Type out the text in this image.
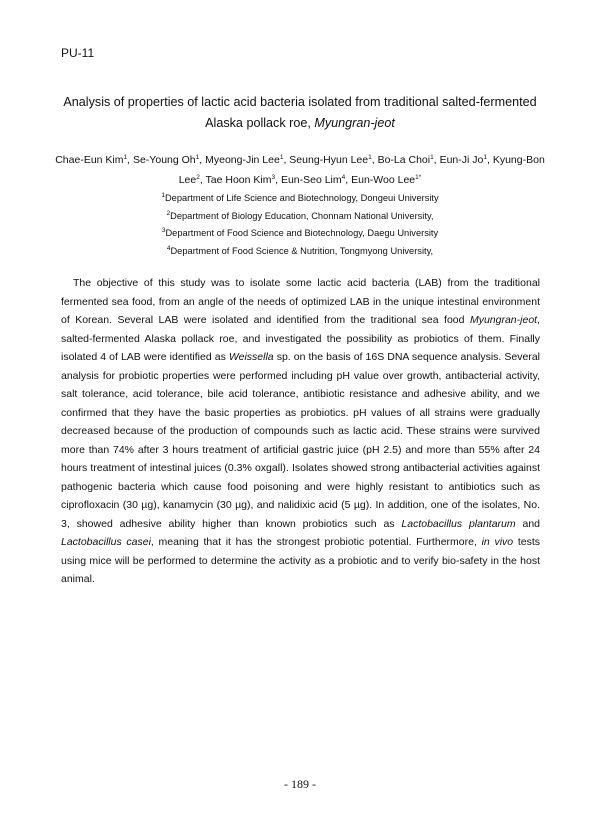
PU-11
Analysis of properties of lactic acid bacteria isolated from traditional salted-fermented
Alaska pollack roe, Myungran-jeot
Chae-Eun Kim$^1$, Se-Young Oh$^1$, Myeong-Jin Lee$^1$, Seung-Hyun Lee$^1$, Bo-La Choi$^1$, Eun-Ji Jo$^1$, Kyung-Bon Lee$^2$, Tae Hoon Kim$^3$, Eun-Seo Lim$^4$, Eun-Woo Lee$^{1*}$
$^1$Department of Life Science and Biotechnology, Dongeui University
$^2$Department of Biology Education, Chonnam National University,
$^3$Department of Food Science and Biotechnology, Daegu University
$^4$Department of Food Science & Nutrition, Tongmyong University,
The objective of this study was to isolate some lactic acid bacteria (LAB) from the traditional fermented sea food, from an angle of the needs of optimized LAB in the unique intestinal environment of Korean. Several LAB were isolated and identified from the traditional sea food Myungran-jeot, salted-fermented Alaska pollack roe, and investigated the possibility as probiotics of them. Finally isolated 4 of LAB were identified as Weissella sp. on the basis of 16S DNA sequence analysis. Several analysis for probiotic properties were performed including pH value over growth, antibacterial activity, salt tolerance, acid tolerance, bile acid tolerance, antibiotic resistance and adhesive ability, and we confirmed that they have the basic properties as probiotics. pH values of all strains were gradually decreased because of the production of compounds such as lactic acid. These strains were survived more than 74% after 3 hours treatment of artificial gastric juice (pH 2.5) and more than 55% after 24 hours treatment of intestinal juices (0.3% oxgall). Isolates showed strong antibacterial activities against pathogenic bacteria which cause food poisoning and were highly resistant to antibiotics such as ciprofloxacin (30 µg), kanamycin (30 µg), and nalidixic acid (5 µg). In addition, one of the isolates, No. 3, showed adhesive ability higher than known probiotics such as Lactobacillus plantarum and Lactobacillus casei, meaning that it has the strongest probiotic potential. Furthermore, in vivo tests using mice will be performed to determine the activity as a probiotic and to verify bio-safety in the host animal.
- 189 -
